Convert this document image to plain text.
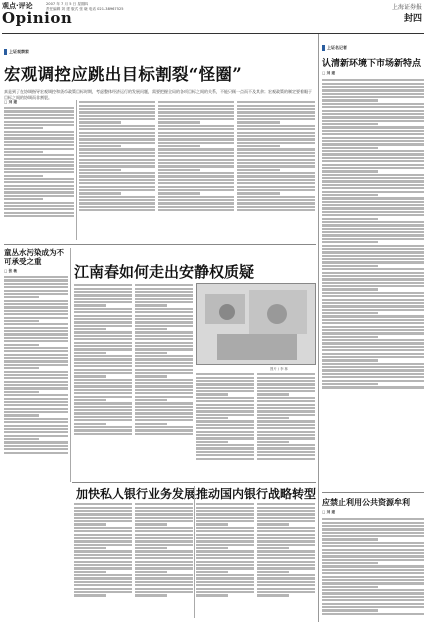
观点·评论
Opinion
2007 年 7 月 5 日 星期四
责任编辑 刘 建 版式 张 晓 电话 021-38967525	上海证券报
封四
上证观察家
宏观调控应跳出目标割裂“怪圈”
真是到了在协调指导宏观调控和货币政策目标时期，考虑整体经济运行的发展问题，需要把握全局的各项目标之间的关系，不能只顾一点而不及其余；宏观政策的制定要着眼于目标之间的协调而非割裂。
□ 刘 建
童丛水污染成为不可承受之重
□ 张 敏	江南春如何走出安静权质疑
图片 / 李 林
加快私人银行业务发展 推动国内银行战略转型
上证名记者
认清新环境下市场新特点
□ 刘 建
应禁止利用公共资源牟利
□ 刘 建
